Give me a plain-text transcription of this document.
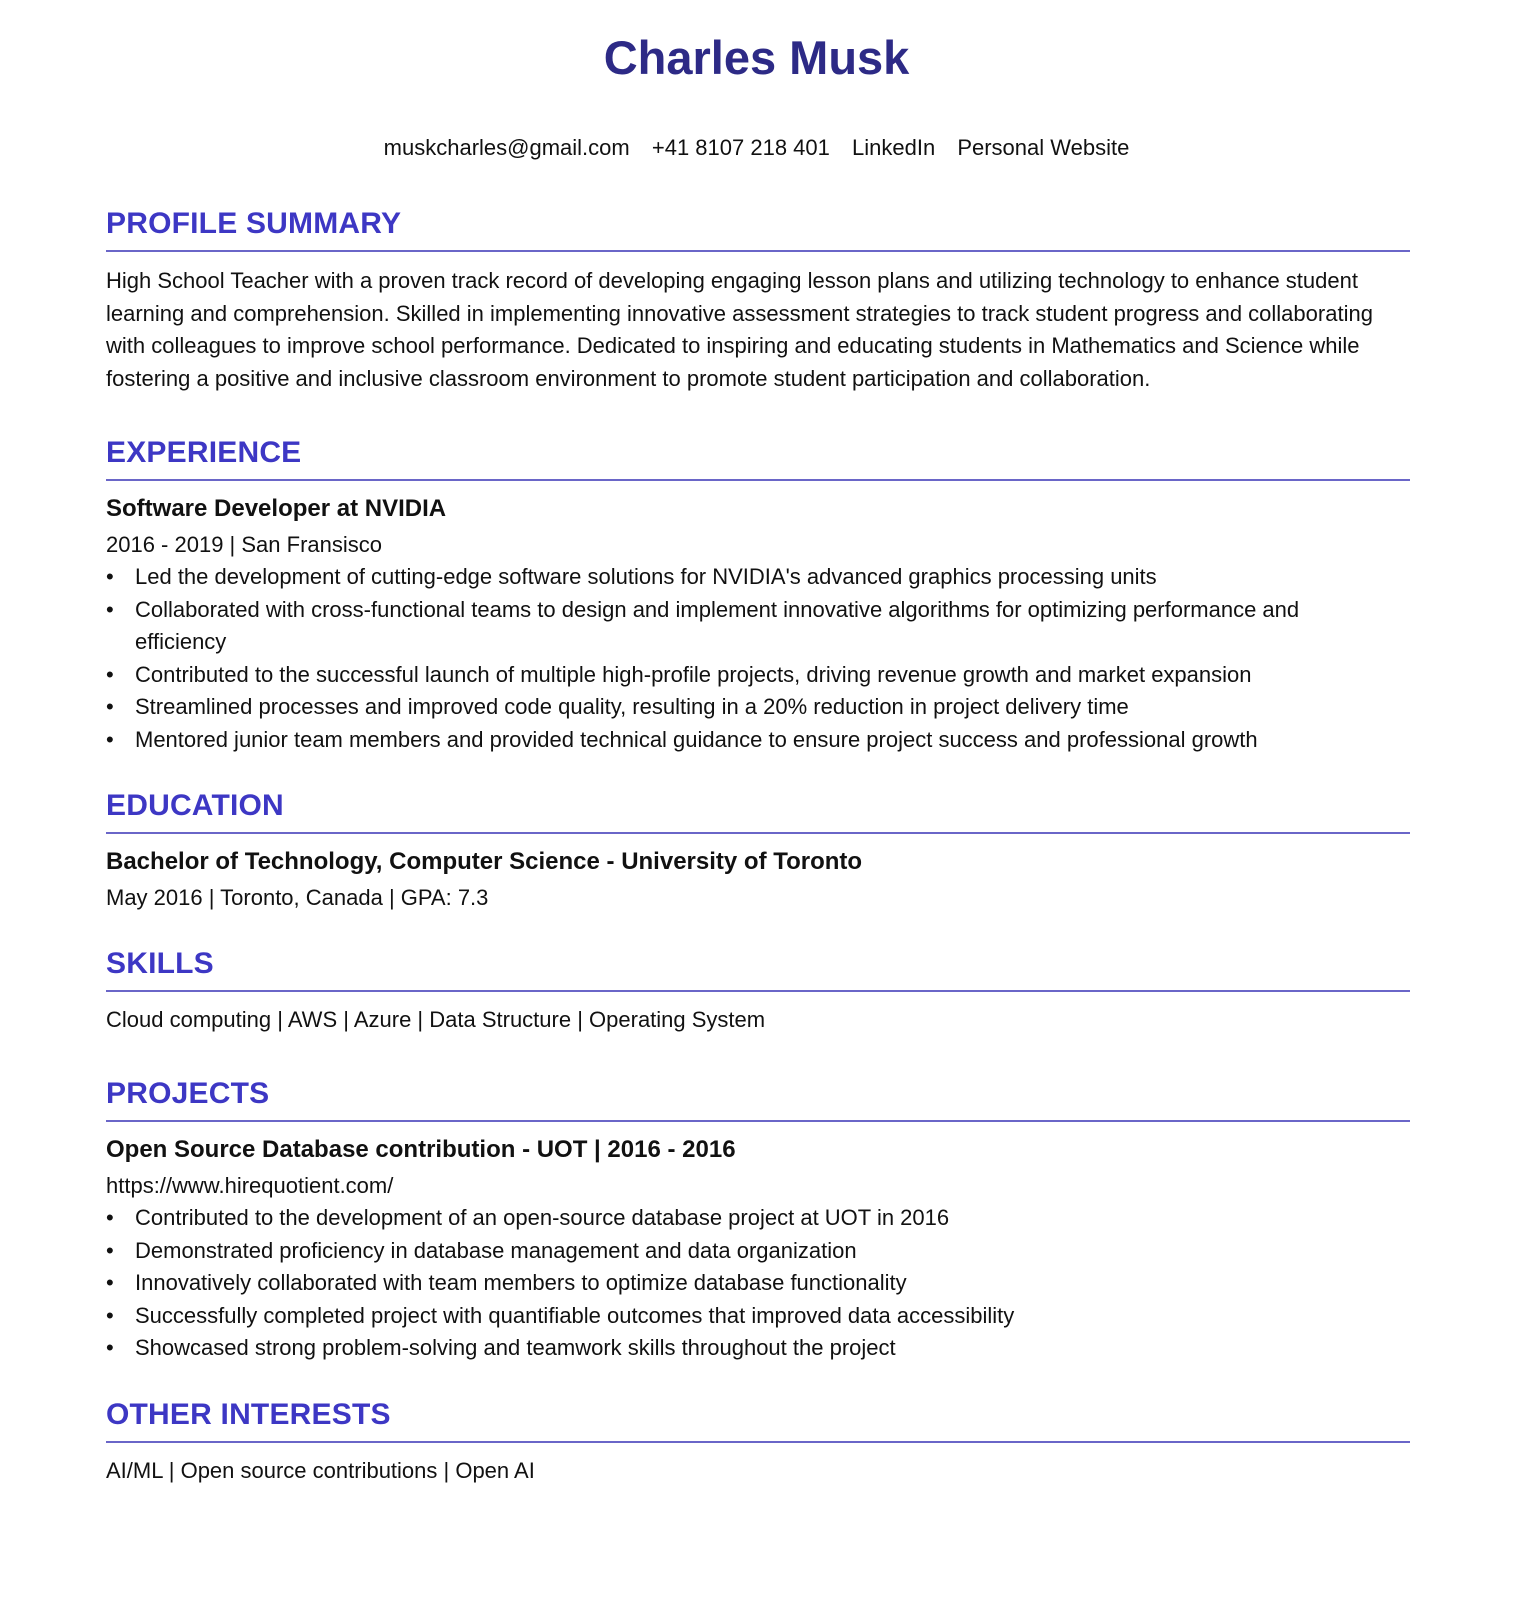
Charles Musk
muskcharles@gmail.com +41 8107 218 401 LinkedIn Personal Website
PROFILE SUMMARY
High School Teacher with a proven track record of developing engaging lesson plans and utilizing technology to enhance student learning and comprehension. Skilled in implementing innovative assessment strategies to track student progress and collaborating with colleagues to improve school performance. Dedicated to inspiring and educating students in Mathematics and Science while fostering a positive and inclusive classroom environment to promote student participation and collaboration.
EXPERIENCE
Software Developer at NVIDIA
2016 - 2019 | San Fransisco
• Led the development of cutting-edge software solutions for NVIDIA's advanced graphics processing units
• Collaborated with cross-functional teams to design and implement innovative algorithms for optimizing performance and efficiency
• Contributed to the successful launch of multiple high-profile projects, driving revenue growth and market expansion
• Streamlined processes and improved code quality, resulting in a 20% reduction in project delivery time
• Mentored junior team members and provided technical guidance to ensure project success and professional growth
EDUCATION
Bachelor of Technology, Computer Science - University of Toronto
May 2016 | Toronto, Canada | GPA: 7.3
SKILLS
Cloud computing | AWS | Azure | Data Structure | Operating System
PROJECTS
Open Source Database contribution - UOT | 2016 - 2016
https://www.hirequotient.com/
• Contributed to the development of an open-source database project at UOT in 2016
• Demonstrated proficiency in database management and data organization
• Innovatively collaborated with team members to optimize database functionality
• Successfully completed project with quantifiable outcomes that improved data accessibility
• Showcased strong problem-solving and teamwork skills throughout the project
OTHER INTERESTS
AI/ML | Open source contributions | Open AI
